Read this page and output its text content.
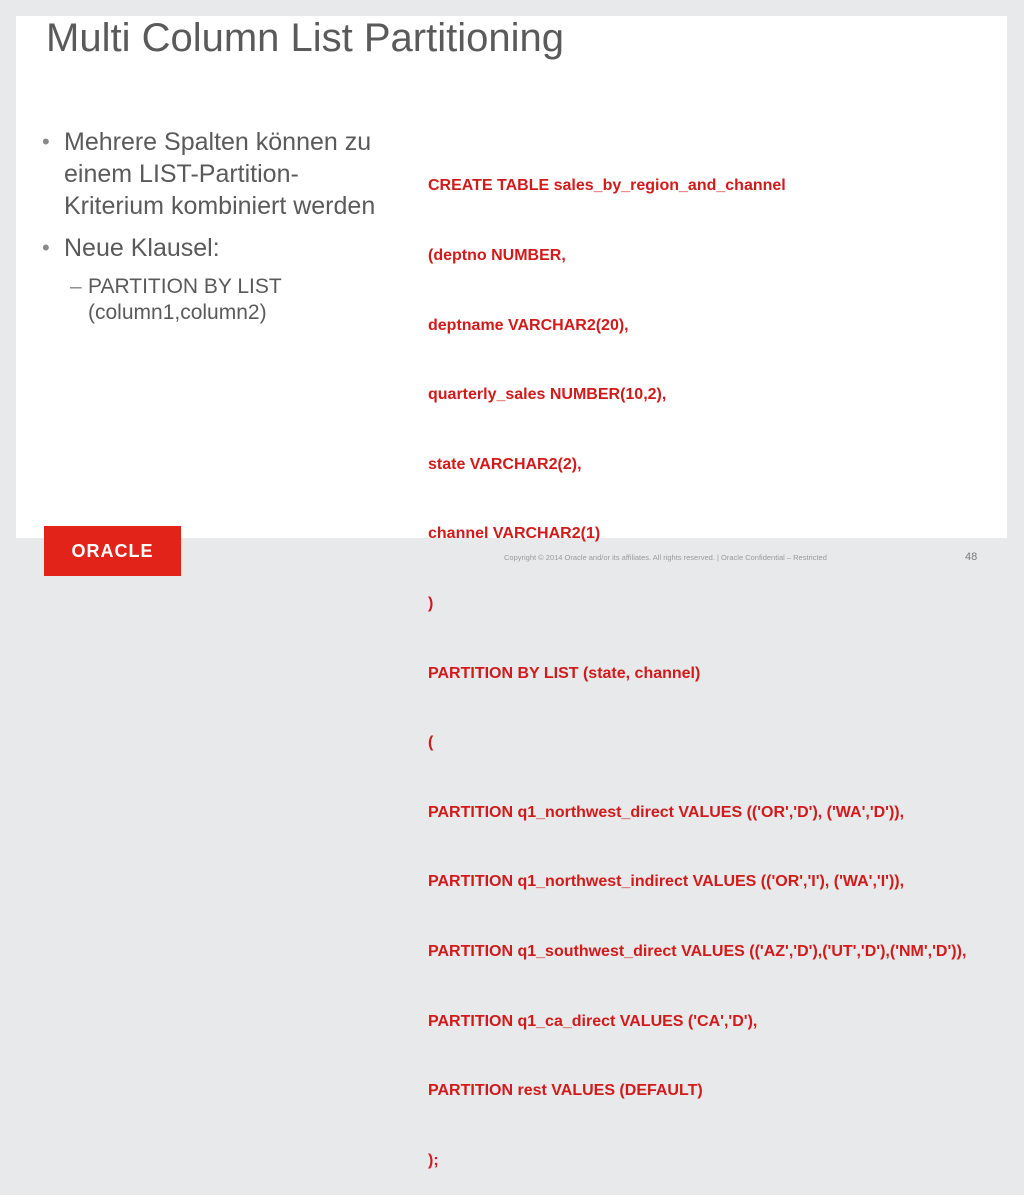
Multi Column List Partitioning
• Mehrere Spalten können zu einem LIST-Partition-Kriterium kombiniert werden
• Neue Klausel:
– PARTITION BY LIST (column1,column2)

CREATE TABLE sales_by_region_and_channel

(deptno NUMBER,

deptname VARCHAR2(20),

quarterly_sales NUMBER(10,2),

state VARCHAR2(2),

channel VARCHAR2(1)

)

PARTITION BY LIST (state, channel)

(

PARTITION q1_northwest_direct VALUES (('OR','D'), ('WA','D')),

PARTITION q1_northwest_indirect VALUES (('OR','I'), ('WA','I')),

PARTITION q1_southwest_direct VALUES (('AZ','D'),('UT','D'),('NM','D')),

PARTITION q1_ca_direct VALUES ('CA','D'),

PARTITION rest VALUES (DEFAULT)

);

ORACLE	Copyright © 2014 Oracle and/or its affiliates. All rights reserved. | Oracle Confidential – Restricted	48
